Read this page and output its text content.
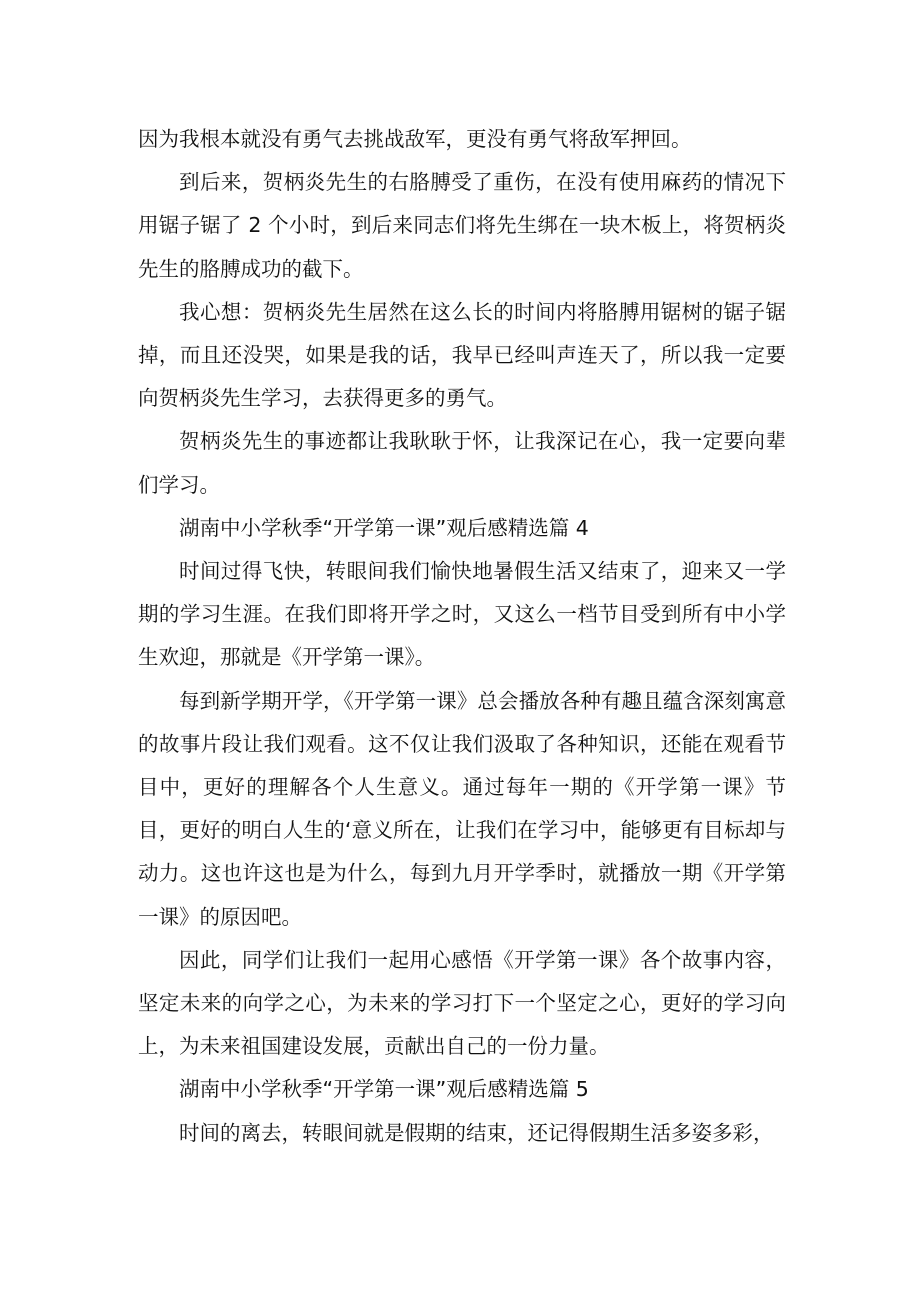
因为我根本就没有勇气去挑战敌军，更没有勇气将敌军押回。

到后来，贺柄炎先生的右胳膊受了重伤，在没有使用麻药的情况下用锯子锯了 2 个小时，到后来同志们将先生绑在一块木板上，将贺柄炎先生的胳膊成功的截下。

我心想：贺柄炎先生居然在这么长的时间内将胳膊用锯树的锯子锯掉，而且还没哭，如果是我的话，我早已经叫声连天了，所以我一定要向贺柄炎先生学习，去获得更多的勇气。

贺柄炎先生的事迹都让我耿耿于怀，让我深记在心，我一定要向辈们学习。

湖南中小学秋季“开学第一课”观后感精选篇 4

时间过得飞快，转眼间我们愉快地暑假生活又结束了，迎来又一学期的学习生涯。在我们即将开学之时，又这么一档节目受到所有中小学生欢迎，那就是《开学第一课》。

每到新学期开学，《开学第一课》总会播放各种有趣且蕴含深刻寓意的故事片段让我们观看。这不仅让我们汲取了各种知识，还能在观看节目中，更好的理解各个人生意义。通过每年一期的《开学第一课》节目，更好的明白人生的‘意义所在，让我们在学习中，能够更有目标却与动力。这也许这也是为什么，每到九月开学季时，就播放一期《开学第一课》的原因吧。

因此，同学们让我们一起用心感悟《开学第一课》各个故事内容，坚定未来的向学之心，为未来的学习打下一个坚定之心，更好的学习向上，为未来祖国建设发展，贡献出自己的一份力量。

湖南中小学秋季“开学第一课”观后感精选篇 5

时间的离去，转眼间就是假期的结束，还记得假期生活多姿多彩，
